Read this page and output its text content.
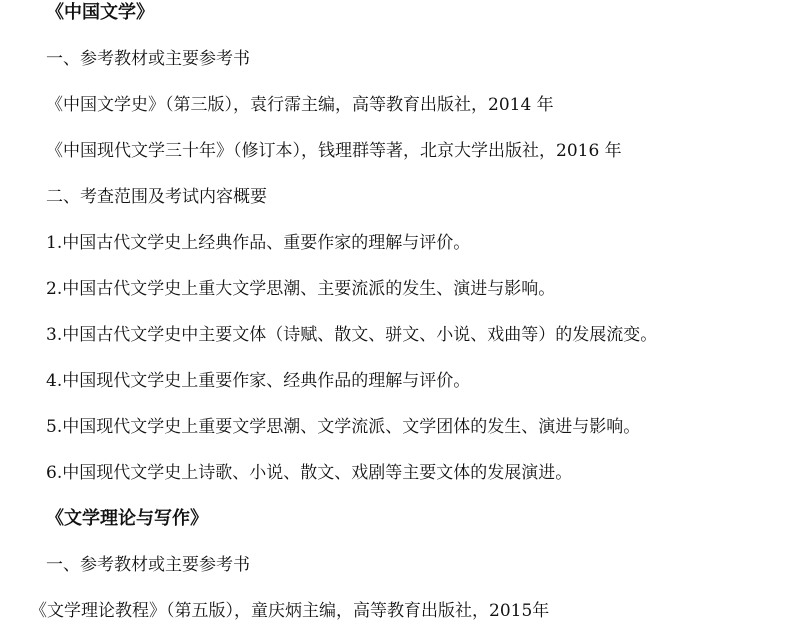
《中国文学》
一、参考教材或主要参考书
《中国文学史》（第三版），袁行霈主编，高等教育出版社，2014 年
《中国现代文学三十年》（修订本），钱理群等著，北京大学出版社，2016 年
二、考查范围及考试内容概要
1.中国古代文学史上经典作品、重要作家的理解与评价。
2.中国古代文学史上重大文学思潮、主要流派的发生、演进与影响。
3.中国古代文学史中主要文体（诗赋、散文、骈文、小说、戏曲等）的发展流变。
4.中国现代文学史上重要作家、经典作品的理解与评价。
5.中国现代文学史上重要文学思潮、文学流派、文学团体的发生、演进与影响。
6.中国现代文学史上诗歌、小说、散文、戏剧等主要文体的发展演进。
《文学理论与写作》
一、参考教材或主要参考书
《文学理论教程》（第五版），童庆炳主编，高等教育出版社，2015年
